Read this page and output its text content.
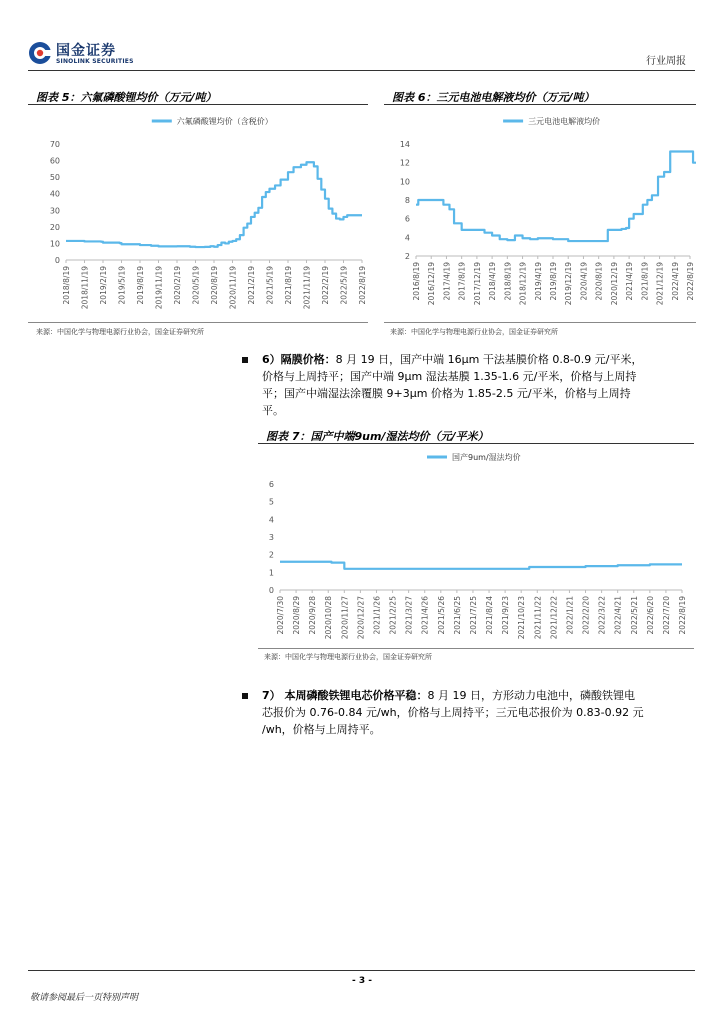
国金证券
SINOLINK SECURITIES	行业周报
图表 5：六氟磷酸锂均价（万元/吨）
六氟磷酸锂均价（含税价）
0
10
20
30
40
50
60
70
2018/8/19 2018/11/19 2019/2/19 2019/5/19 2019/8/19 2019/11/19 2020/2/19 2020/5/19 2020/8/19 2020/11/19 2021/2/19 2021/5/19 2021/8/19 2021/11/19 2022/2/19 2022/5/19 2022/8/19
来源：中国化学与物理电源行业协会，国金证券研究所
图表 6：三元电池电解液均价（万元/吨）
三元电池电解液均价
2
4
6
8
10
12
14
2016/8/19 2016/12/19 2017/4/19 2017/8/19 2017/12/19 2018/4/19 2018/8/19 2018/12/19 2019/4/19 2019/8/19 2019/12/19 2020/4/19 2020/8/19 2020/12/19 2021/4/19 2021/8/19 2021/12/19 2022/4/19 2022/8/19
来源：中国化学与物理电源行业协会，国金证券研究所
6）隔膜价格：8 月 19 日，国产中端 16μm 干法基膜价格 0.8-0.9 元/平米，
价格与上周持平；国产中端 9μm 湿法基膜 1.35-1.6 元/平米，价格与上周持
平；国产中端湿法涂覆膜 9+3μm 价格为 1.85-2.5 元/平米，价格与上周持
平。
图表 7：国产中端9um/湿法均价（元/平米）
国产9um/湿法均价
0
1
2
3
4
5
6
2020/7/30 2020/8/29 2020/9/28 2020/10/28 2020/11/27 2020/12/27 2021/1/26 2021/2/25 2021/3/27 2021/4/26 2021/5/26 2021/6/25 2021/7/25 2021/8/24 2021/9/23 2021/10/23 2021/11/22 2021/12/22 2022/1/21 2022/2/20 2022/3/22 2022/4/21 2022/5/21 2022/6/20 2022/7/20 2022/8/19
来源：中国化学与物理电源行业协会，国金证券研究所
7） 本周磷酸铁锂电芯价格平稳：8 月 19 日，方形动力电池中，磷酸铁锂电
芯报价为 0.76-0.84 元/wh，价格与上周持平；三元电芯报价为 0.83-0.92 元
/wh，价格与上周持平。
- 3 -
敬请参阅最后一页特别声明
